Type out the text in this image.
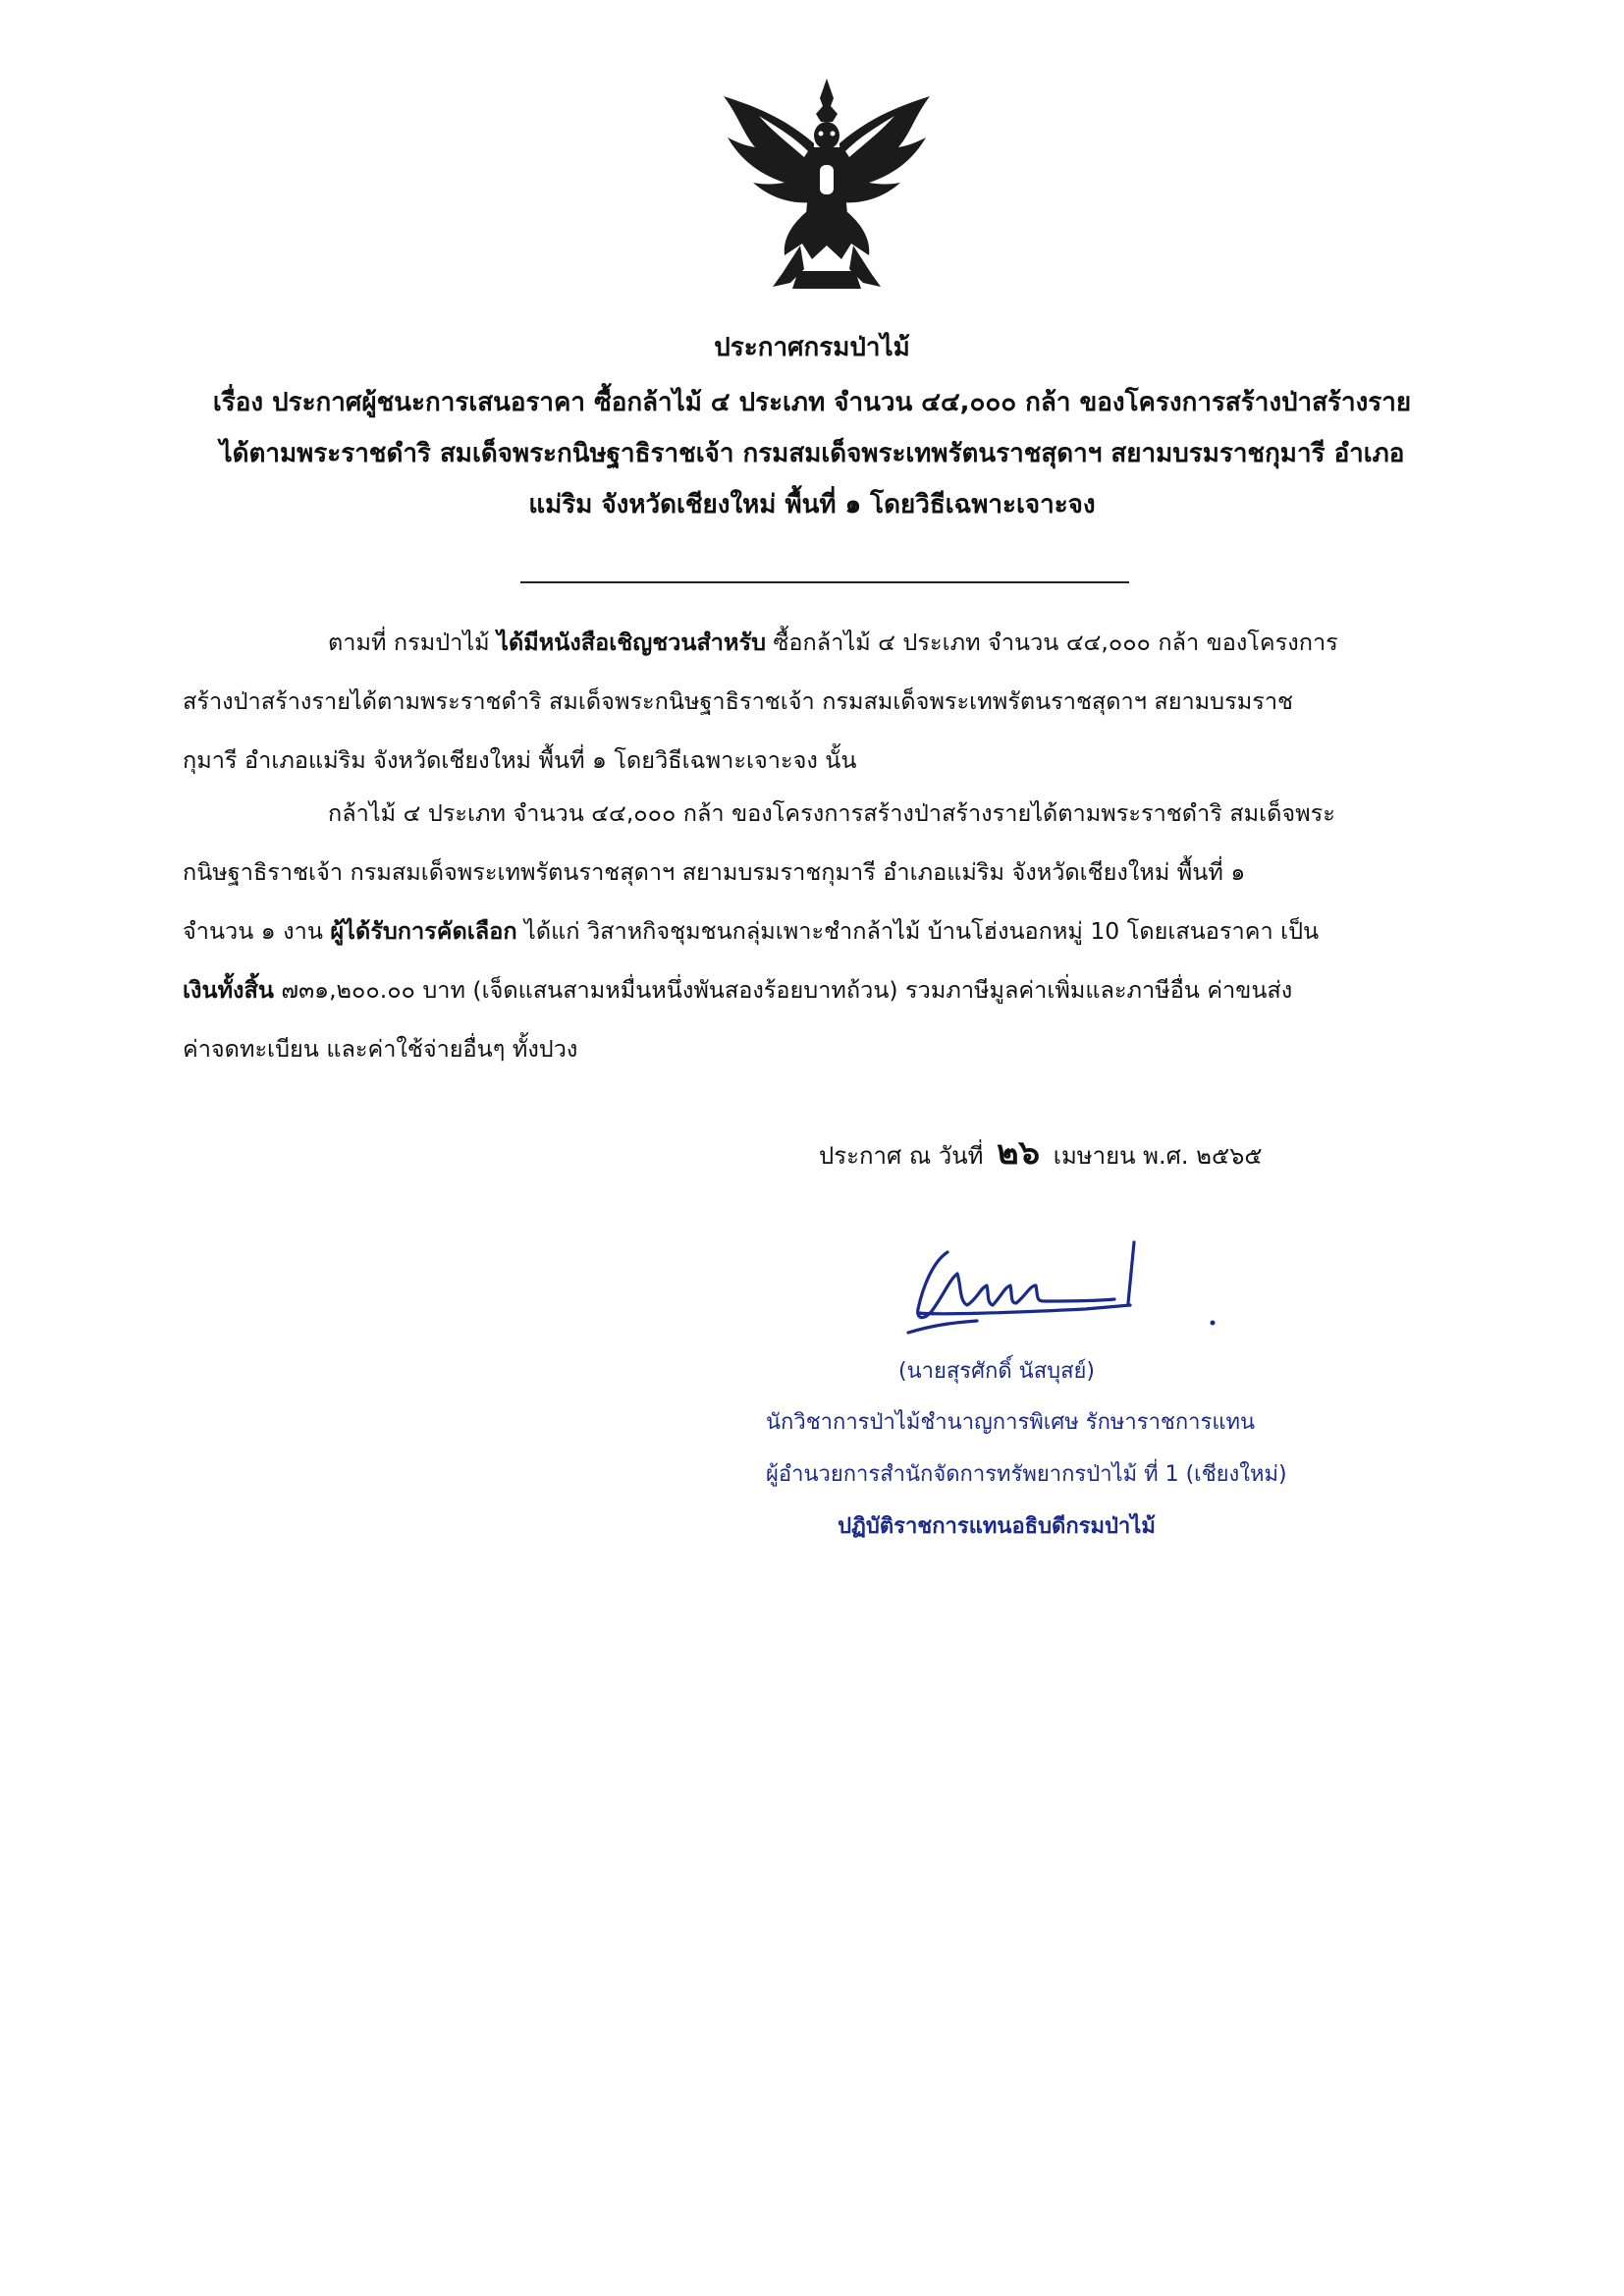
ประกาศกรมป่าไม้
เรื่อง ประกาศผู้ชนะการเสนอราคา ซื้อกล้าไม้ ๔ ประเภท จำนวน ๔๔,๐๐๐ กล้า ของโครงการสร้างป่าสร้างราย
ได้ตามพระราชดำริ สมเด็จพระกนิษฐาธิราชเจ้า กรมสมเด็จพระเทพรัตนราชสุดาฯ สยามบรมราชกุมารี อำเภอ
แม่ริม จังหวัดเชียงใหม่ พื้นที่ ๑ โดยวิธีเฉพาะเจาะจง
ตามที่ กรมป่าไม้ ได้มีหนังสือเชิญชวนสำหรับ ซื้อกล้าไม้ ๔ ประเภท จำนวน ๔๔,๐๐๐ กล้า ของโครงการ
สร้างป่าสร้างรายได้ตามพระราชดำริ สมเด็จพระกนิษฐาธิราชเจ้า กรมสมเด็จพระเทพรัตนราชสุดาฯ สยามบรมราช
กุมารี อำเภอแม่ริม จังหวัดเชียงใหม่ พื้นที่ ๑ โดยวิธีเฉพาะเจาะจง นั้น
กล้าไม้ ๔ ประเภท จำนวน ๔๔,๐๐๐ กล้า ของโครงการสร้างป่าสร้างรายได้ตามพระราชดำริ สมเด็จพระ
กนิษฐาธิราชเจ้า กรมสมเด็จพระเทพรัตนราชสุดาฯ สยามบรมราชกุมารี อำเภอแม่ริม จังหวัดเชียงใหม่ พื้นที่ ๑
จำนวน ๑ งาน ผู้ได้รับการคัดเลือก ได้แก่ วิสาหกิจชุมชนกลุ่มเพาะชำกล้าไม้ บ้านโฮ่งนอกหมู่ 10 โดยเสนอราคา เป็น
เงินทั้งสิ้น ๗๓๑,๒๐๐.๐๐ บาท (เจ็ดแสนสามหมื่นหนึ่งพันสองร้อยบาทถ้วน) รวมภาษีมูลค่าเพิ่มและภาษีอื่น ค่าขนส่ง
ค่าจดทะเบียน และค่าใช้จ่ายอื่นๆ ทั้งปวง
ประกาศ ณ วันที่ ๒๖ เมษายน พ.ศ. ๒๕๖๕
(นายสุรศักดิ์ นัสบุสย์)
นักวิชาการป่าไม้ชำนาญการพิเศษ รักษาราชการแทน
ผู้อำนวยการสำนักจัดการทรัพยากรป่าไม้ ที่ 1 (เชียงใหม่)
ปฏิบัติราชการแทนอธิบดีกรมป่าไม้
